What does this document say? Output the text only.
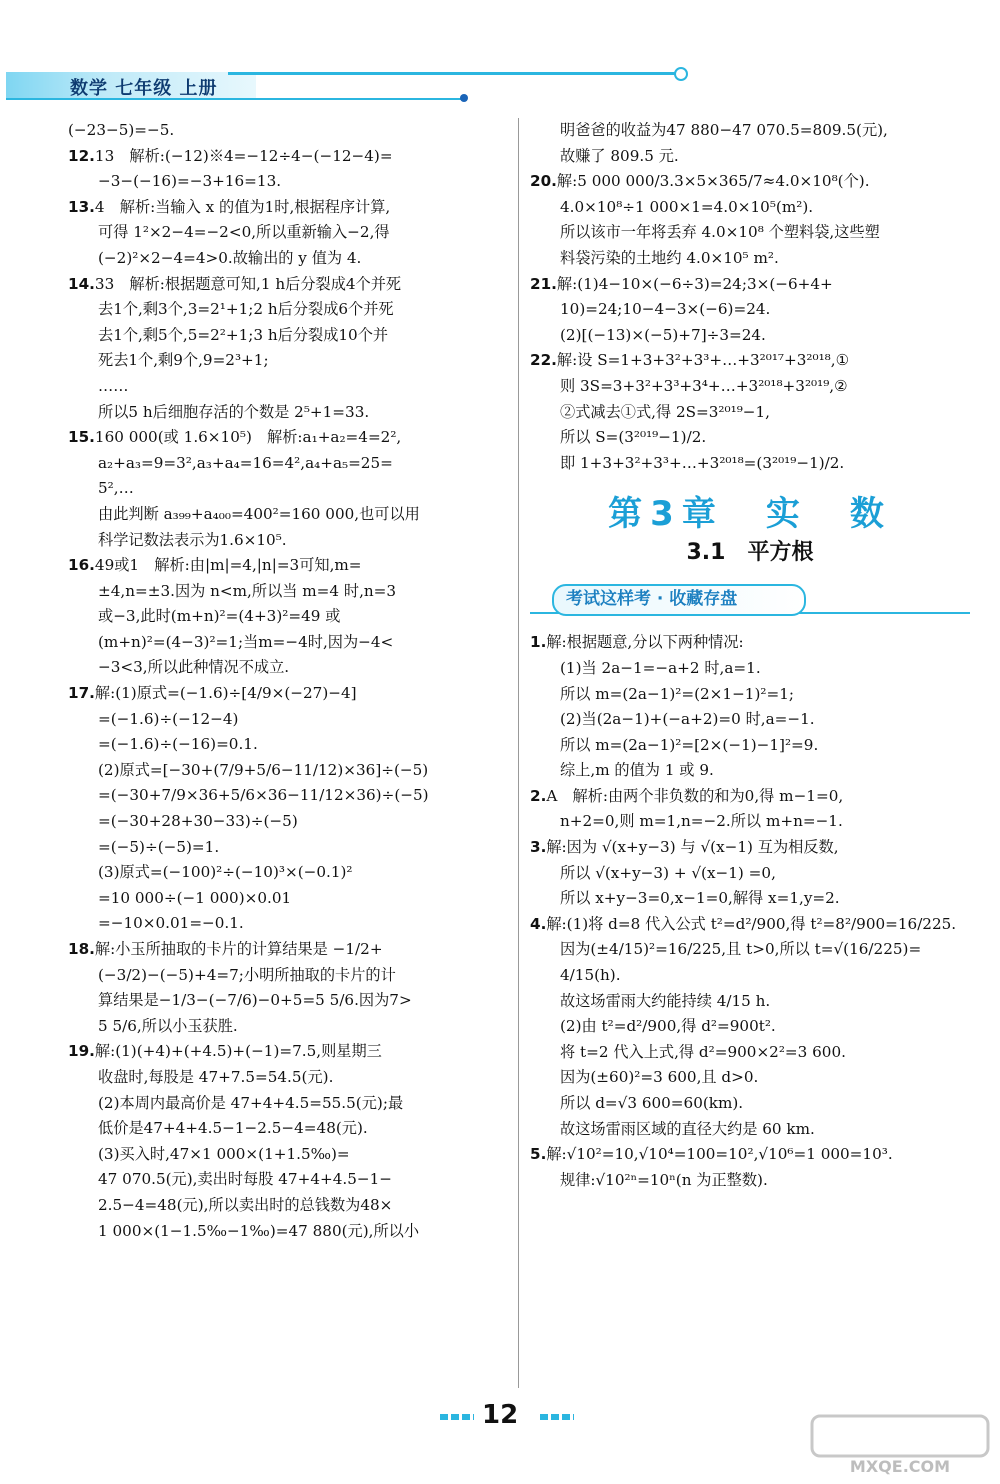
数学 七年级 上册
(−23−5)=−5.
12.13　解析:(−12)※4=−12÷4−(−12−4)=
−3−(−16)=−3+16=13.
13.4　解析:当输入 x 的值为1时,根据程序计算,
可得 1²×2−4=−2<0,所以重新输入−2,得
(−2)²×2−4=4>0.故输出的 y 值为 4.
14.33　解析:根据题意可知,1 h后分裂成4个并死
去1个,剩3个,3=2¹+1;2 h后分裂成6个并死
去1个,剩5个,5=2²+1;3 h后分裂成10个并
死去1个,剩9个,9=2³+1;
……
所以5 h后细胞存活的个数是 2⁵+1=33.
15.160 000(或 1.6×10⁵)　解析:a₁+a₂=4=2²,
a₂+a₃=9=3²,a₃+a₄=16=4²,a₄+a₅=25=
5²,…
由此判断 a₃₉₉+a₄₀₀=400²=160 000,也可以用
科学记数法表示为1.6×10⁵.
16.49或1　解析:由|m|=4,|n|=3可知,m=
±4,n=±3.因为 n<m,所以当 m=4 时,n=3
或−3,此时(m+n)²=(4+3)²=49 或
(m+n)²=(4−3)²=1;当m=−4时,因为−4<
−3<3,所以此种情况不成立.
17.解:(1)原式=(−1.6)÷[4/9×(−27)−4]
=(−1.6)÷(−12−4)
=(−1.6)÷(−16)=0.1.
(2)原式=[−30+(7/9+5/6−11/12)×36]÷(−5)
=(−30+7/9×36+5/6×36−11/12×36)÷(−5)
=(−30+28+30−33)÷(−5)
=(−5)÷(−5)=1.
(3)原式=(−100)²÷(−10)³×(−0.1)²
=10 000÷(−1 000)×0.01
=−10×0.01=−0.1.
18.解:小玉所抽取的卡片的计算结果是 −1/2+
(−3/2)−(−5)+4=7;小明所抽取的卡片的计
算结果是−1/3−(−7/6)−0+5=5 5/6.因为7>
5 5/6,所以小玉获胜.
19.解:(1)(+4)+(+4.5)+(−1)=7.5,则星期三
收盘时,每股是 47+7.5=54.5(元).
(2)本周内最高价是 47+4+4.5=55.5(元);最
低价是47+4+4.5−1−2.5−4=48(元).
(3)买入时,47×1 000×(1+1.5‰)=
47 070.5(元),卖出时每股 47+4+4.5−1−
2.5−4=48(元),所以卖出时的总钱数为48×
1 000×(1−1.5‰−1‰)=47 880(元),所以小
明爸爸的收益为47 880−47 070.5=809.5(元),
故赚了 809.5 元.
20.解:5 000 000/3.3×5×365/7≈4.0×10⁸(个).
4.0×10⁸÷1 000×1=4.0×10⁵(m²).
所以该市一年将丢弃 4.0×10⁸ 个塑料袋,这些塑
料袋污染的土地约 4.0×10⁵ m².
21.解:(1)4−10×(−6÷3)=24;3×(−6+4+
10)=24;10−4−3×(−6)=24.
(2)[(−13)×(−5)+7]÷3=24.
22.解:设 S=1+3+3²+3³+…+3²⁰¹⁷+3²⁰¹⁸,①
则 3S=3+3²+3³+3⁴+…+3²⁰¹⁸+3²⁰¹⁹,②
②式减去①式,得 2S=3²⁰¹⁹−1,
所以 S=(3²⁰¹⁹−1)/2.
即 1+3+3²+3³+…+3²⁰¹⁸=(3²⁰¹⁹−1)/2.
第3章　实　数
3.1　平方根
考试这样考 · 收藏存盘
1.解:根据题意,分以下两种情况:
(1)当 2a−1=−a+2 时,a=1.
所以 m=(2a−1)²=(2×1−1)²=1;
(2)当(2a−1)+(−a+2)=0 时,a=−1.
所以 m=(2a−1)²=[2×(−1)−1]²=9.
综上,m 的值为 1 或 9.
2.A　解析:由两个非负数的和为0,得 m−1=0,
n+2=0,则 m=1,n=−2.所以 m+n=−1.
3.解:因为 √(x+y−3) 与 √(x−1) 互为相反数,
所以 √(x+y−3) + √(x−1) =0,
所以 x+y−3=0,x−1=0,解得 x=1,y=2.
4.解:(1)将 d=8 代入公式 t²=d²/900,得 t²=8²/900=16/225.
因为(±4/15)²=16/225,且 t>0,所以 t=√(16/225)=
4/15(h).
故这场雷雨大约能持续 4/15 h.
(2)由 t²=d²/900,得 d²=900t².
将 t=2 代入上式,得 d²=900×2²=3 600.
因为(±60)²=3 600,且 d>0.
所以 d=√3 600=60(km).
故这场雷雨区域的直径大约是 60 km.
5.解:√10²=10,√10⁴=100=10²,√10⁶=1 000=10³.
规律:√10²ⁿ=10ⁿ(n 为正整数).
12
MXQE.COM
